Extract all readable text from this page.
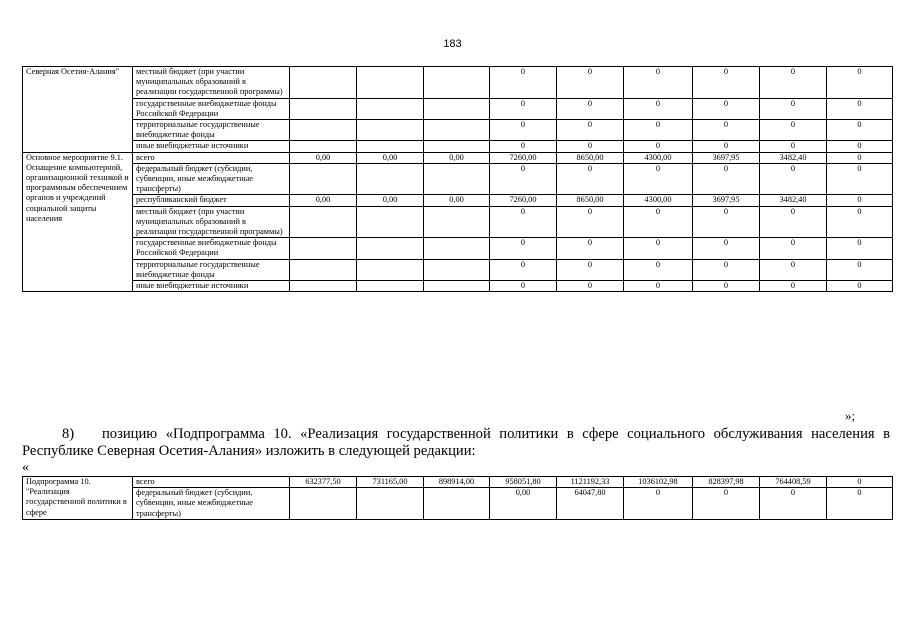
183
Северная Осетия-Алания"	местный бюджет (при участии муниципальных образований в реализации государственной программы)				0	0	0	0	0	0
	государственные внебюджетные фонды Российской Федерации				0	0	0	0	0	0
	территориальные государственные внебюджетные фонды				0	0	0	0	0	0
	иные внебюджетные источники				0	0	0	0	0	0
Основное мероприятие 9.1. Оснащение компьютерной, организационной техникой и программным обеспечением органов и учреждений социальной защиты населения	всего	0,00	0,00	0,00	7260,00	8650,00	4300,00	3697,95	3482,40	0
	федеральный бюджет (субсидии, субвенции, иные межбюджетные трансферты)				0	0	0	0	0	0
	республиканский бюджет	0,00	0,00	0,00	7260,00	8650,00	4300,00	3697,95	3482,40	0
	местный бюджет (при участии муниципальных образований в реализации государственной программы)				0	0	0	0	0	0
	государственные внебюджетные фонды Российской Федерации				0	0	0	0	0	0
	территориальные государственные внебюджетные фонды				0	0	0	0	0	0
	иные внебюджетные источники				0	0	0	0	0	0
»;
8) позицию «Подпрограмма 10. «Реализация государственной политики в сфере социального обслуживания населения в Республике Северная Осетия-Алания» изложить в следующей редакции:
«
Подпрограмма 10. "Реализация государственной политики в сфере	всего	632377,50	731165,00	898914,00	958051,80	1121192,33	1036102,98	828397,98	764408,59	0
	федеральный бюджет (субсидии, субвенции, иные межбюджетные трансферты)				0,00	64047,80	0	0	0	0
